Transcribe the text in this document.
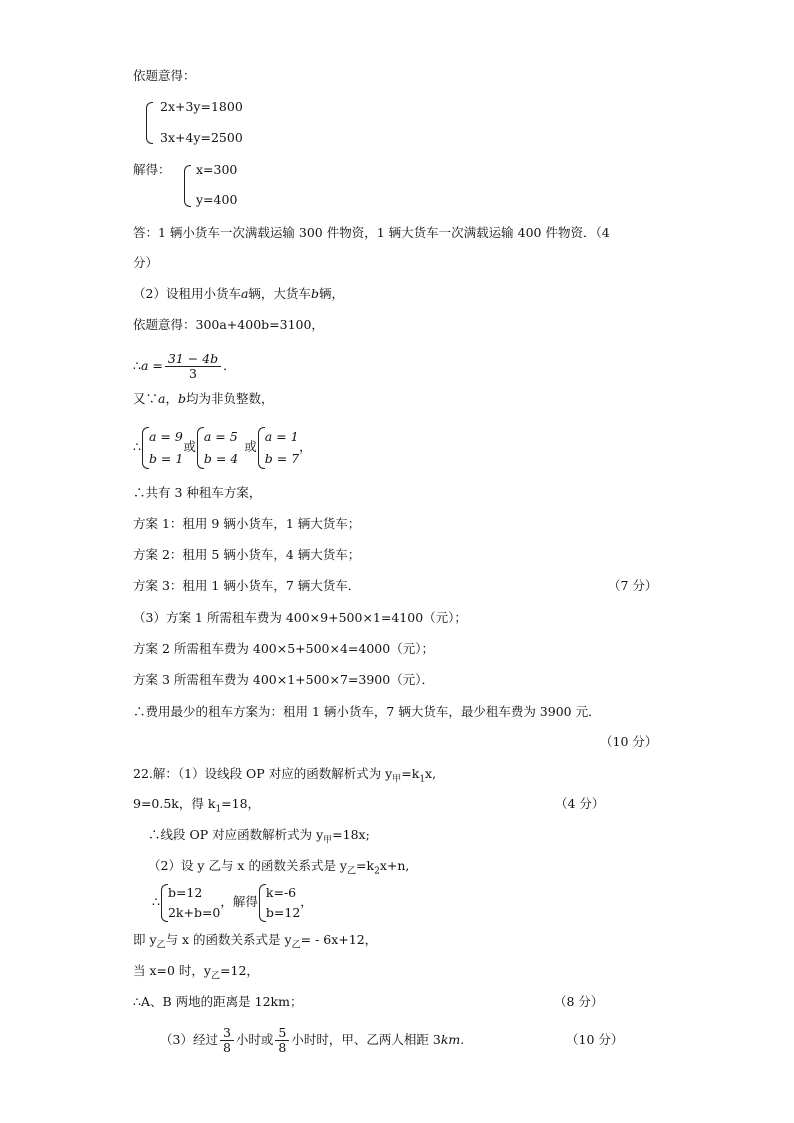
依题意得：
2x+3y=1800
3x+4y=2500
解得： x=300
y=400
答：1 辆小货车一次满载运输 300 件物资，1 辆大货车一次满载运输 400 件物资．（4
分）
（2）设租用小货车a辆，大货车b辆，
依题意得：300a+400b=3100，
∴a = $\frac{31 - 4b}{3}$ ．
又∵a，b均为非负整数，
∴
a = 9
b = 1
或
a = 5
b = 4
或
a = 1
b = 7
，
∴共有 3 种租车方案，
方案 1：租用 9 辆小货车，1 辆大货车；
方案 2：租用 5 辆小货车，4 辆大货车；
方案 3：租用 1 辆小货车，7 辆大货车．	（7 分）
（3）方案 1 所需租车费为 400×9+500×1=4100（元）；
方案 2 所需租车费为 400×5+500×4=4000（元）；
方案 3 所需租车费为 400×1+500×7=3900（元）．
∴费用最少的租车方案为：租用 1 辆小货车，7 辆大货车，最少租车费为 3900 元．
（10 分）
22.解：（1）设线段 OP 对应的函数解析式为 $y_甲=k_1x$,
9=0.5k，得 $k_1=18$，	（4 分）
∴线段 OP 对应函数解析式为 $y_甲=18x$;
（2）设 y 乙与 x 的函数关系式是 $y_乙=k_2x+n$,
∴
b=12
2k+b=0
，解得
k=-6
b=12
，
即 $y_乙$与 x 的函数关系式是 $y_乙= - 6x+12$，
当 x=0 时，$y_乙=12$，
∴A、B 两地的距离是 12km；	（8 分）
（3）经过 $\frac{3}{8}$ 小时或 $\frac{5}{8}$ 小时时，甲、乙两人相距 3km.	（10 分）
